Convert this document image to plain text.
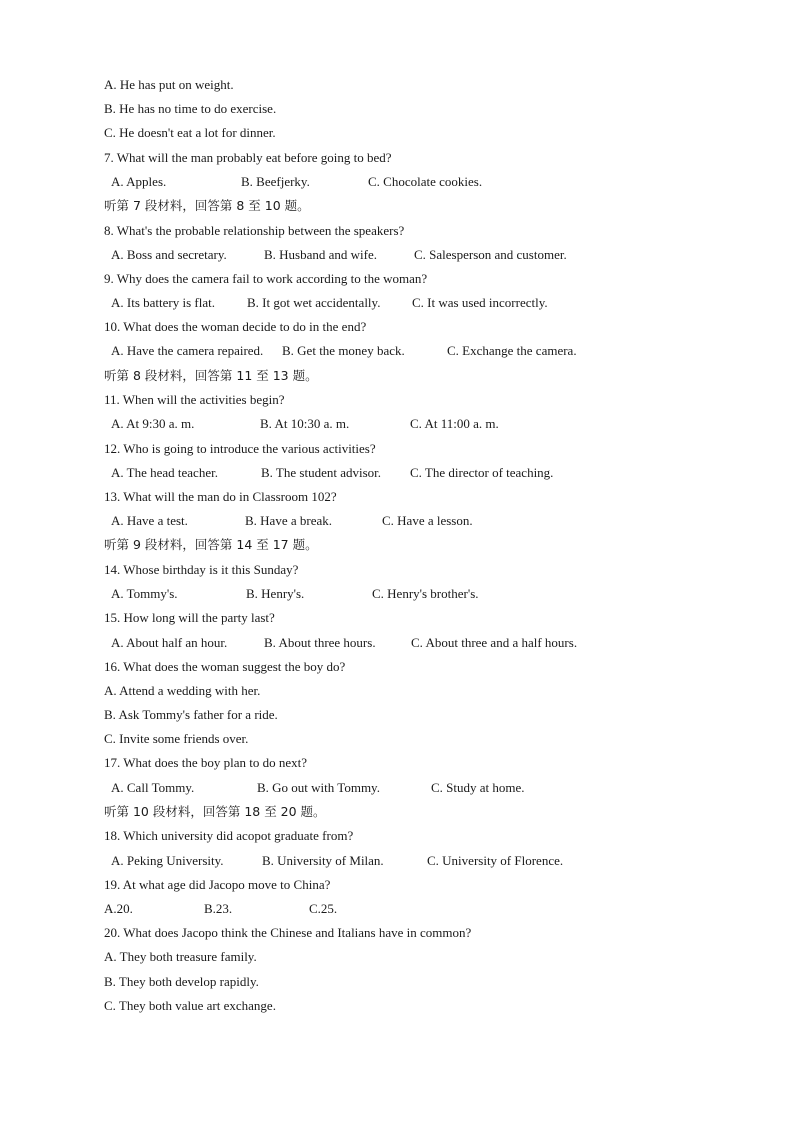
A. He has put on weight.
B. He has no time to do exercise.
C. He doesn't eat a lot for dinner.
7. What will the man probably eat before going to bed?
A. Apples.	B. Beefjerky.	C. Chocolate cookies.
听第 7 段材料，回答第 8 至 10 题。
8. What's the probable relationship between the speakers?
A. Boss and secretary.	B. Husband and wife.	C. Salesperson and customer.
9. Why does the camera fail to work according to the woman?
A. Its battery is flat. B. It got wet accidentally. C. It was used incorrectly.
10. What does the woman decide to do in the end?
A. Have the camera repaired. B. Get the money back.	C. Exchange the camera.
听第 8 段材料，回答第 11 至 13 题。
11. When will the activities begin?
A. At 9:30 a. m.	B. At 10:30 a. m.	C. At 11:00 a. m.
12. Who is going to introduce the various activities?
A. The head teacher.	B. The student advisor. C. The director of teaching.
13. What will the man do in Classroom 102?
A. Have a test.	B. Have a break.	C. Have a lesson.
听第 9 段材料，回答第 14 至 17 题。
14. Whose birthday is it this Sunday?
A. Tommy's.	B. Henry's.	C. Henry's brother's.
15. How long will the party last?
A. About half an hour.	B. About three hours.	C. About three and a half hours.
16. What does the woman suggest the boy do?
A. Attend a wedding with her.
B. Ask Tommy's father for a ride.
C. Invite some friends over.
17. What does the boy plan to do next?
A. Call Tommy.	B. Go out with Tommy.	C. Study at home.
听第 10 段材料，回答第 18 至 20 题。
18. Which university did acopot graduate from?
A. Peking University.	B. University of Milan.	C. University of Florence.
19. At what age did Jacopo move to China?
A.20.	B.23.	C.25.
20. What does Jacopo think the Chinese and Italians have in common?
A. They both treasure family.
B. They both develop rapidly.
C. They both value art exchange.
